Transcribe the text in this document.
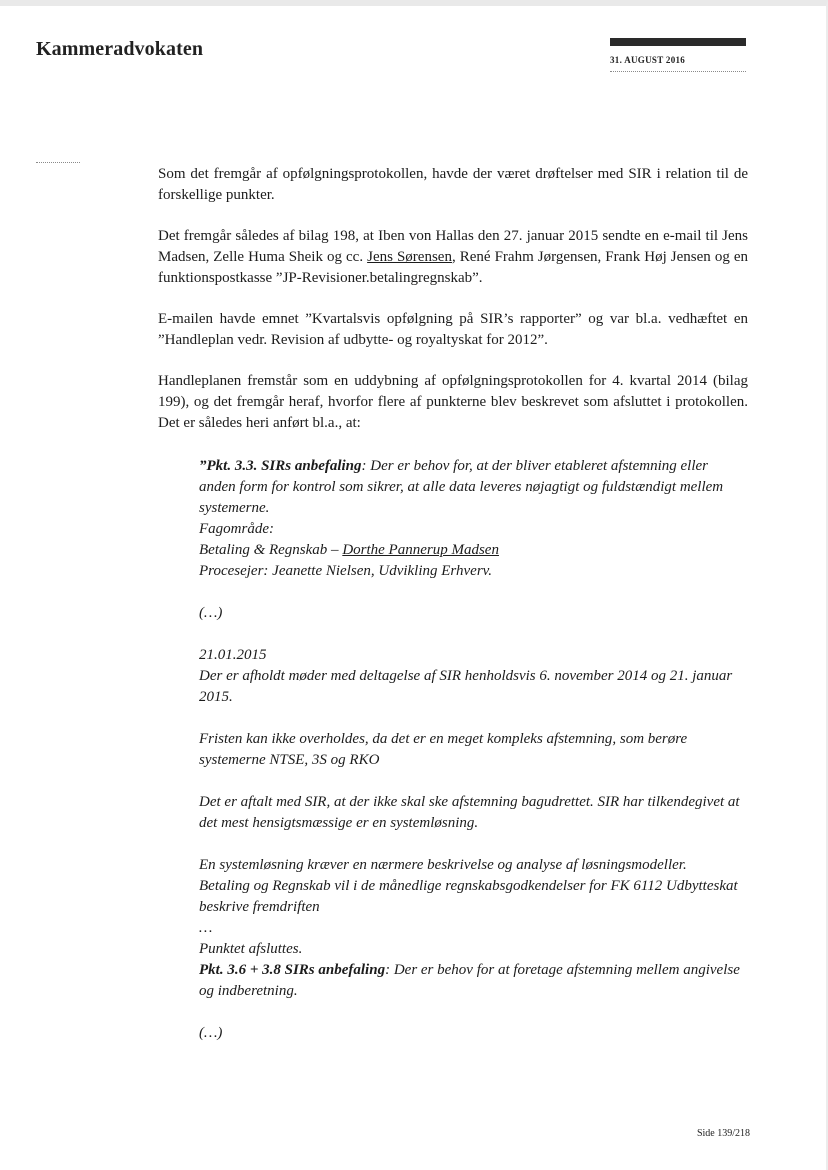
Kammeradvokaten	31. AUGUST 2016

Som det fremgår af opfølgningsprotokollen, havde der været drøftelser med SIR i relation til de forskellige punkter.

Det fremgår således af bilag 198, at Iben von Hallas den 27. januar 2015 sendte en e-mail til Jens Madsen, Zelle Huma Sheik og cc. Jens Sørensen, René Frahm Jørgensen, Frank Høj Jensen og en funktionspostkasse ”JP-Revisioner.betalingregnskab”.

E-mailen havde emnet ”Kvartalsvis opfølgning på SIR’s rapporter” og var bl.a. vedhæftet en ”Handleplan vedr. Revision af udbytte- og royaltyskat for 2012”.

Handleplanen fremstår som en uddybning af opfølgningsprotokollen for 4. kvartal 2014 (bilag 199), og det fremgår heraf, hvorfor flere af punkterne blev beskrevet som afsluttet i protokollen. Det er således heri anført bl.a., at:

”Pkt. 3.3. SIRs anbefaling: Der er behov for, at der bliver etableret afstemning eller anden form for kontrol som sikrer, at alle data leveres nøjagtigt og fuldstændigt mellem systemerne.
Fagområde:
Betaling & Regnskab – Dorthe Pannerup Madsen
Procesejer: Jeanette Nielsen, Udvikling Erhverv.
(…)
21.01.2015
Der er afholdt møder med deltagelse af SIR henholdsvis 6. november 2014 og 21. januar 2015.
Fristen kan ikke overholdes, da det er en meget kompleks afstemning, som berøre systemerne NTSE, 3S og RKO
Det er aftalt med SIR, at der ikke skal ske afstemning bagudrettet. SIR har tilkendegivet at det mest hensigtsmæssige er en systemløsning.
En systemløsning kræver en nærmere beskrivelse og analyse af løsningsmodeller.
Betaling og Regnskab vil i de månedlige regnskabsgodkendelser for FK 6112 Udbytteskat beskrive fremdriften
…
Punktet afsluttes.
Pkt. 3.6 + 3.8 SIRs anbefaling: Der er behov for at foretage afstemning mellem angivelse og indberetning.
(…)
Side 139/218
